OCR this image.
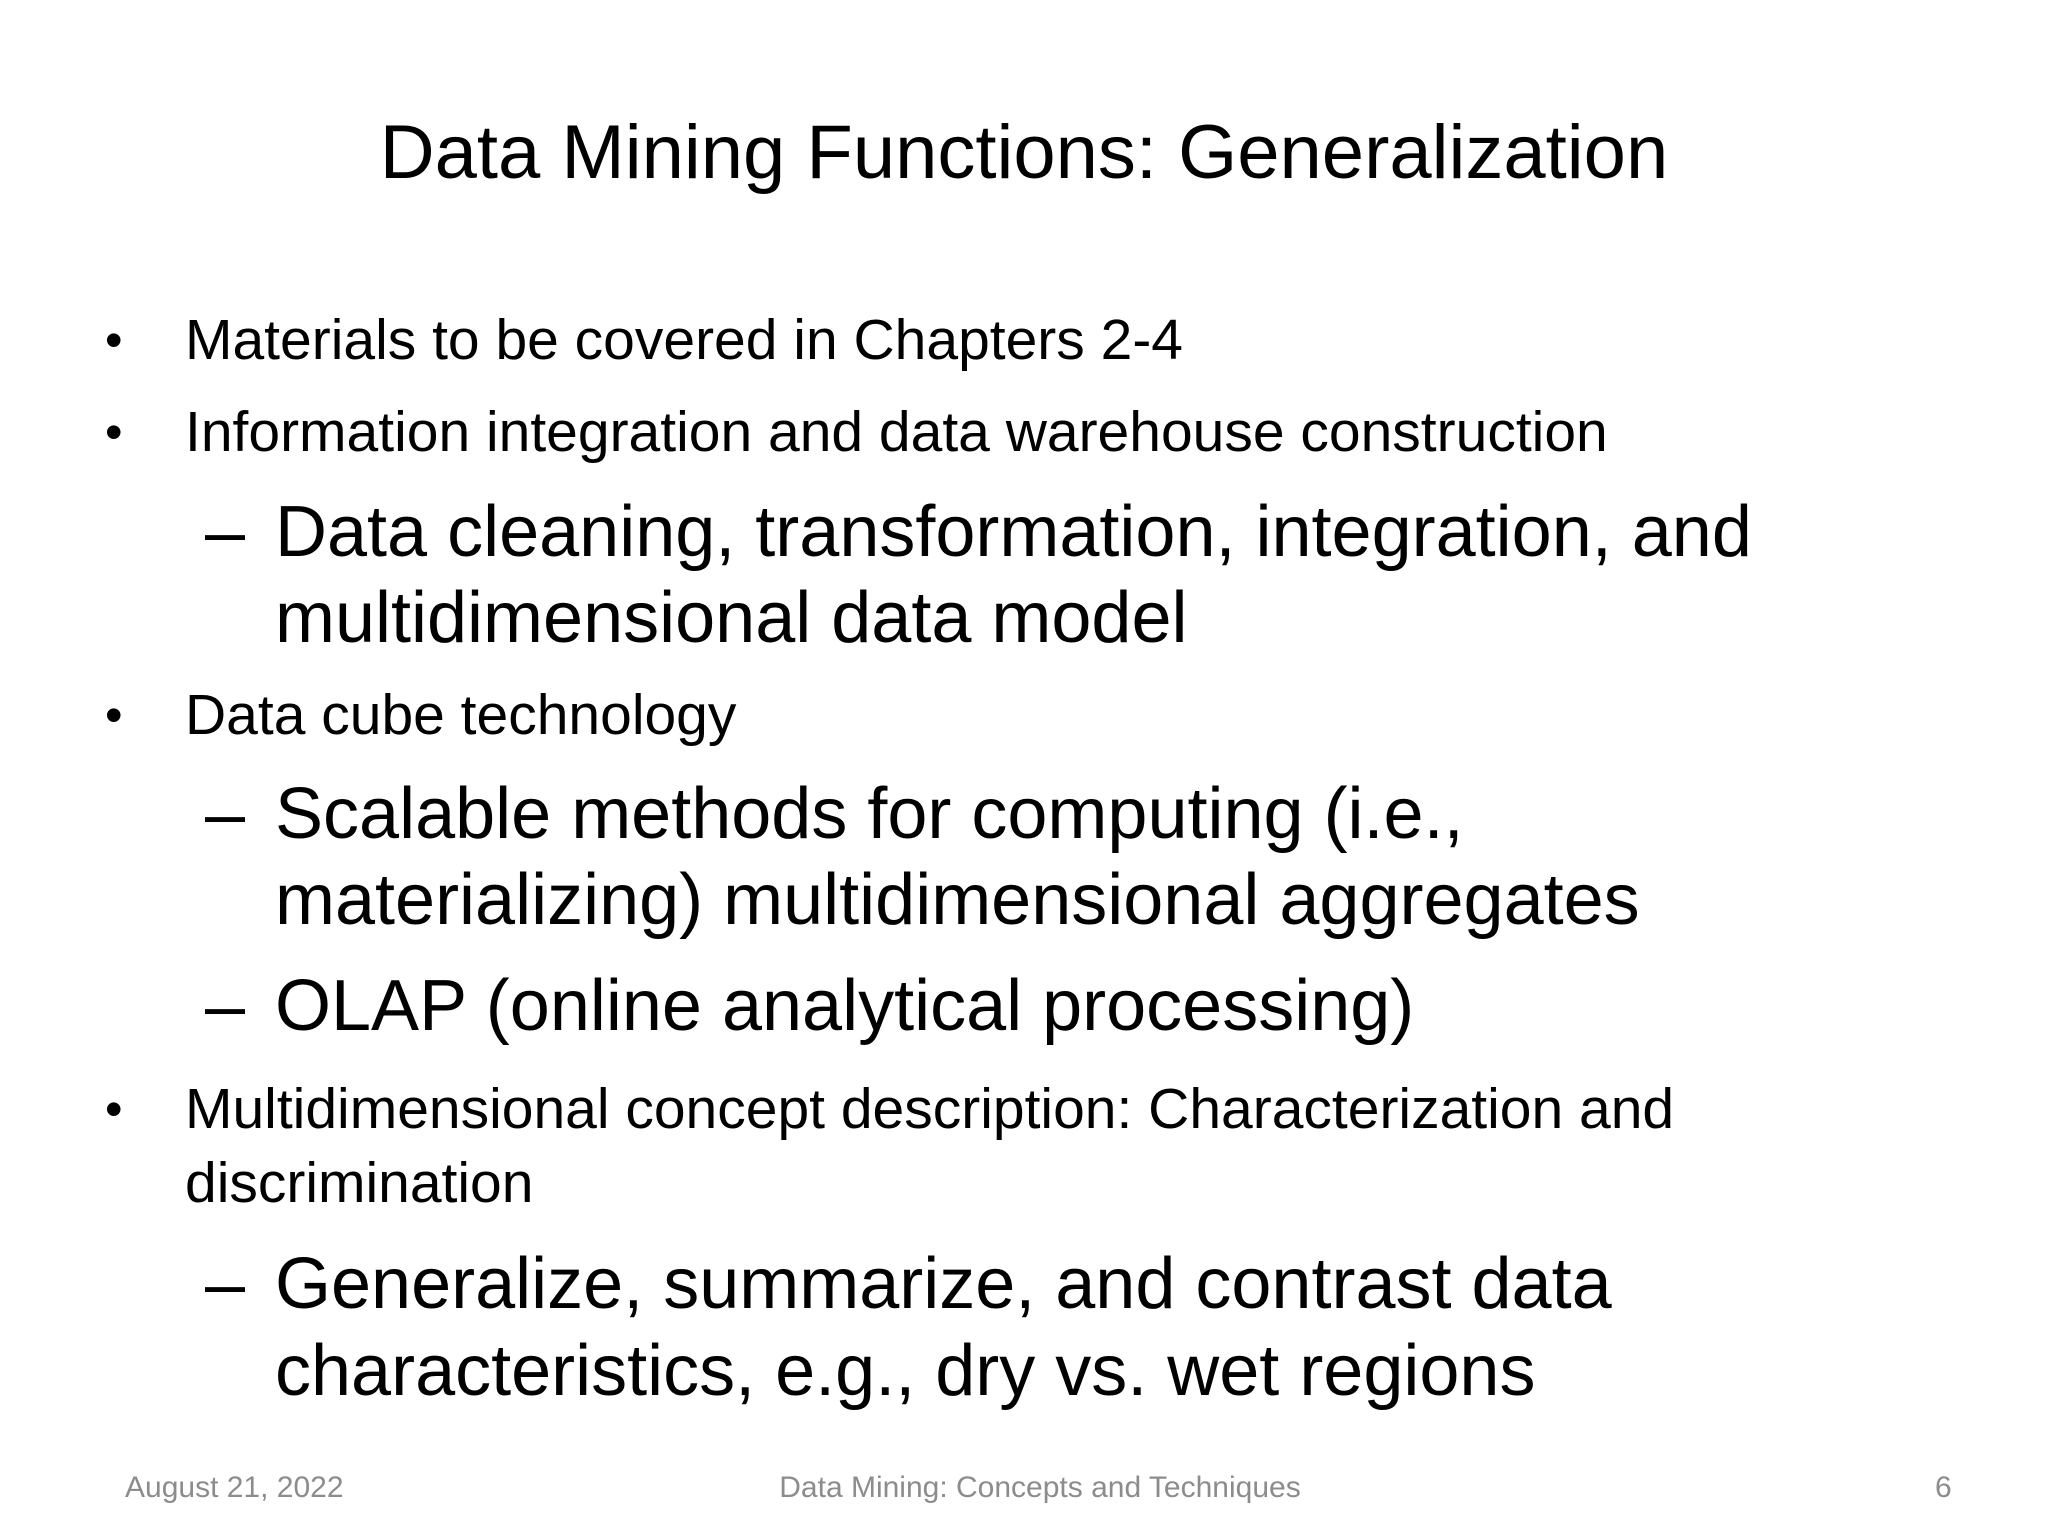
Data Mining Functions: Generalization
• Materials to be covered in Chapters 2-4
• Information integration and data warehouse construction
– Data cleaning, transformation, integration, and
multidimensional data model
• Data cube technology
– Scalable methods for computing (i.e.,
materializing) multidimensional aggregates
– OLAP (online analytical processing)
• Multidimensional concept description: Characterization and
discrimination
– Generalize, summarize, and contrast data
characteristics, e.g., dry vs. wet regions
August 21, 2022	Data Mining: Concepts and Techniques	6
